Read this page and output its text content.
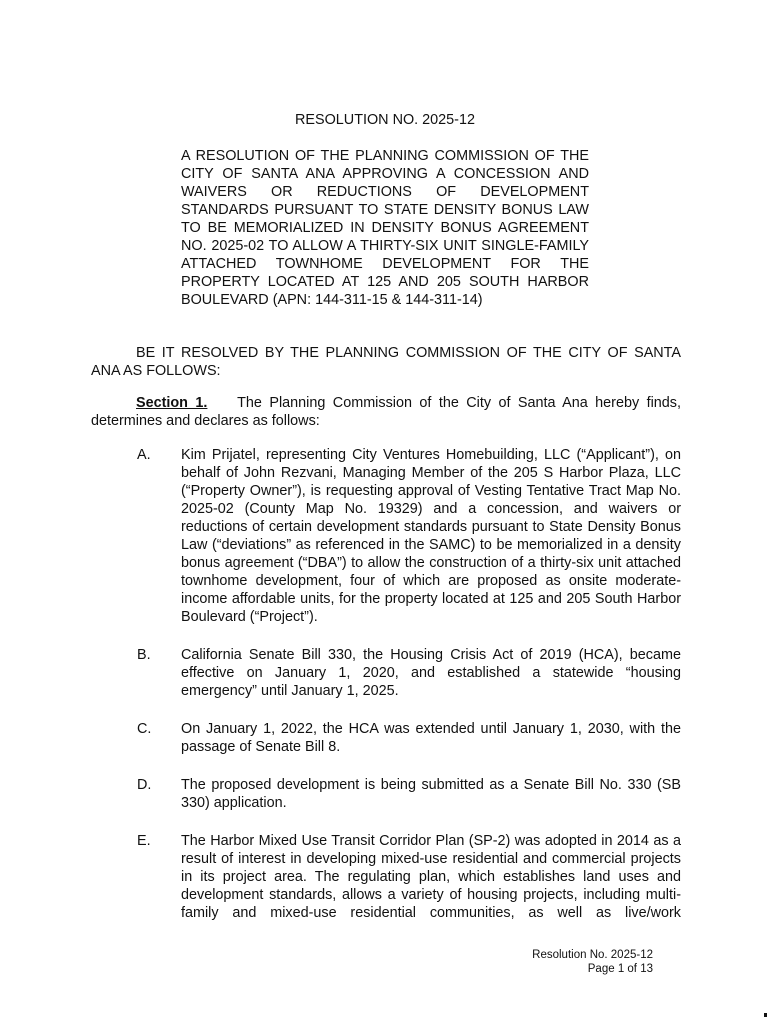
RESOLUTION NO. 2025-12
A RESOLUTION OF THE PLANNING COMMISSION OF THE CITY OF SANTA ANA APPROVING A CONCESSION AND WAIVERS OR REDUCTIONS OF DEVELOPMENT STANDARDS PURSUANT TO STATE DENSITY BONUS LAW TO BE MEMORIALIZED IN DENSITY BONUS AGREEMENT NO. 2025-02 TO ALLOW A THIRTY-SIX UNIT SINGLE-FAMILY ATTACHED TOWNHOME DEVELOPMENT FOR THE PROPERTY LOCATED AT 125 AND 205 SOUTH HARBOR BOULEVARD (APN: 144-311-15 & 144-311-14)
BE IT RESOLVED BY THE PLANNING COMMISSION OF THE CITY OF SANTA ANA AS FOLLOWS:
Section 1. The Planning Commission of the City of Santa Ana hereby finds, determines and declares as follows:
A. Kim Prijatel, representing City Ventures Homebuilding, LLC (“Applicant”), on behalf of John Rezvani, Managing Member of the 205 S Harbor Plaza, LLC (“Property Owner”), is requesting approval of Vesting Tentative Tract Map No. 2025-02 (County Map No. 19329) and a concession, and waivers or reductions of certain development standards pursuant to State Density Bonus Law (“deviations” as referenced in the SAMC) to be memorialized in a density bonus agreement (“DBA”) to allow the construction of a thirty-six unit attached townhome development, four of which are proposed as onsite moderate-income affordable units, for the property located at 125 and 205 South Harbor Boulevard (“Project”).
B. California Senate Bill 330, the Housing Crisis Act of 2019 (HCA), became effective on January 1, 2020, and established a statewide “housing emergency” until January 1, 2025.
C. On January 1, 2022, the HCA was extended until January 1, 2030, with the passage of Senate Bill 8.
D. The proposed development is being submitted as a Senate Bill No. 330 (SB 330) application.
E. The Harbor Mixed Use Transit Corridor Plan (SP-2) was adopted in 2014 as a result of interest in developing mixed-use residential and commercial projects in its project area. The regulating plan, which establishes land uses and development standards, allows a variety of housing projects, including multi-family and mixed-use residential communities, as well as live/work
Resolution No. 2025-12
Page 1 of 13
